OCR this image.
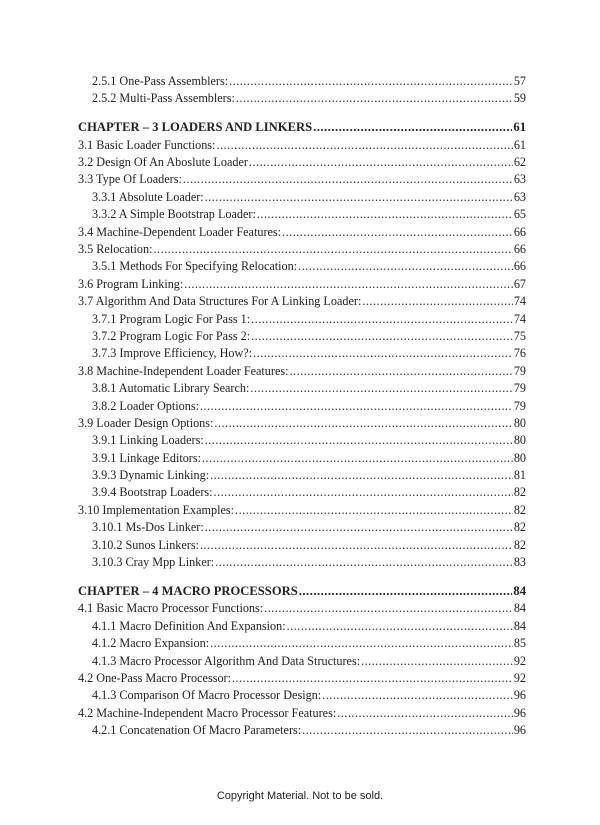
2.5.1 One-Pass Assemblers: .....	57
2.5.2 Multi-Pass Assemblers: .....	59
CHAPTER – 3 LOADERS AND LINKERS .....	61
3.1 Basic Loader Functions: .....	61
3.2 Design Of An Aboslute Loader .....	62
3.3 Type Of Loaders: .....	63
3.3.1 Absolute Loader: .....	63
3.3.2 A Simple Bootstrap Loader: .....	65
3.4 Machine-Dependent Loader Features: .....	66
3.5 Relocation: .....	66
3.5.1 Methods For Specifying Relocation: .....	66
3.6 Program Linking: .....	67
3.7 Algorithm And Data Structures For A Linking Loader: .....	74
3.7.1 Program Logic For Pass 1: .....	74
3.7.2 Program Logic For Pass 2: .....	75
3.7.3 Improve Efficiency, How?: .....	76
3.8 Machine-Independent Loader Features: .....	79
3.8.1 Automatic Library Search: .....	79
3.8.2 Loader Options: .....	79
3.9 Loader Design Options: .....	80
3.9.1 Linking Loaders: .....	80
3.9.1 Linkage Editors: .....	80
3.9.3 Dynamic Linking: .....	81
3.9.4 Bootstrap Loaders: .....	82
3.10 Implementation Examples: .....	82
3.10.1 Ms-Dos Linker: .....	82
3.10.2 Sunos Linkers: .....	82
3.10.3 Cray Mpp Linker: .....	83
CHAPTER – 4 MACRO PROCESSORS .....	84
4.1 Basic Macro Processor Functions: .....	84
4.1.1 Macro Definition And Expansion: .....	84
4.1.2 Macro Expansion: .....	85
4.1.3 Macro Processor Algorithm And Data Structures: .....	92
4.2 One-Pass Macro Processor: .....	92
4.1.3 Comparison Of Macro Processor Design: .....	96
4.2 Machine-Independent Macro Processor Features: .....	96
4.2.1 Concatenation Of Macro Parameters: .....	96
Copyright Material. Not to be sold.
